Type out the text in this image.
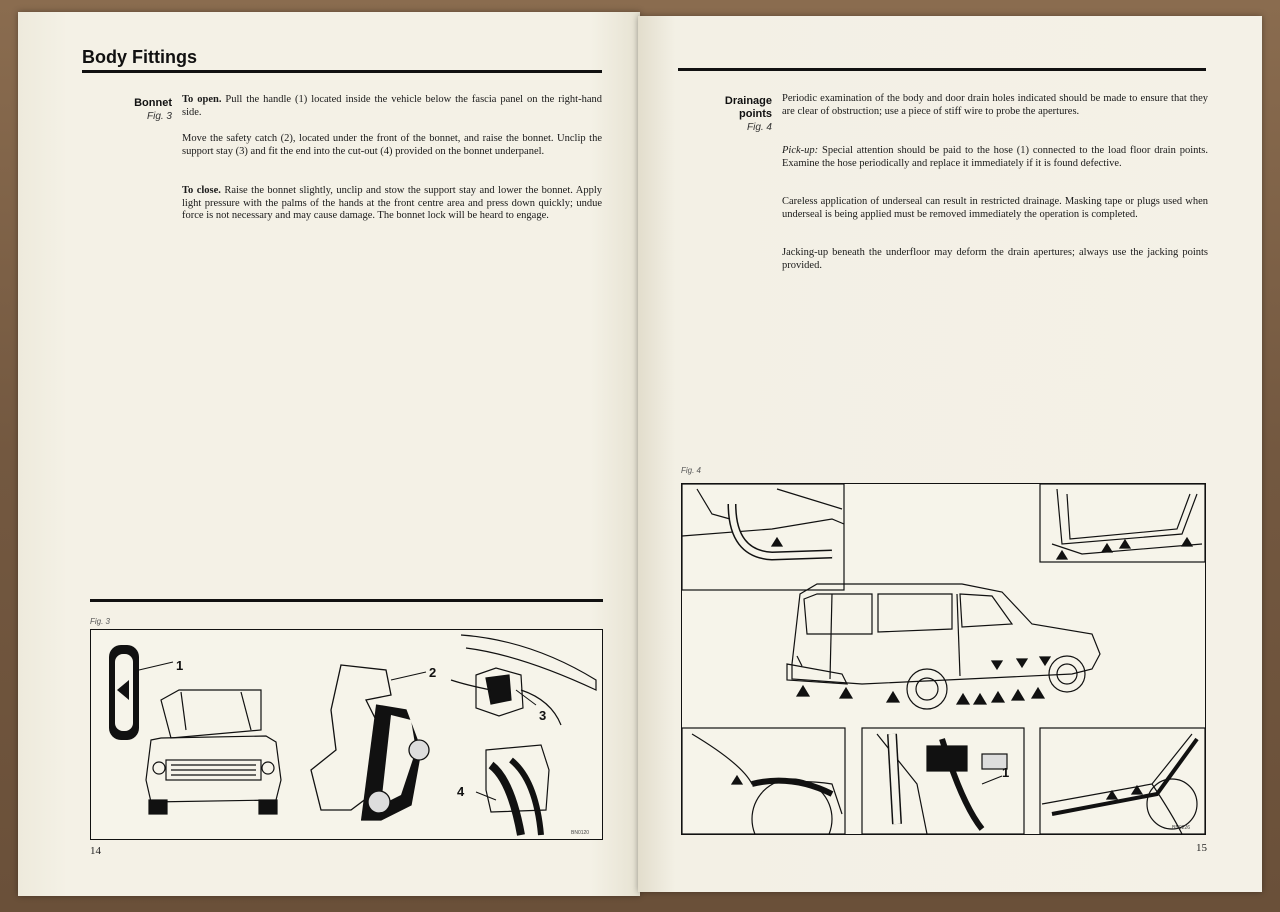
Body Fittings
Bonnet
Fig. 3

To open. Pull the handle (1) located inside the vehicle below the fascia panel on the right-hand side.

Move the safety catch (2), located under the front of the bonnet, and raise the bonnet. Unclip the support stay (3) and fit the end into the cut-out (4) provided on the bonnet underpanel.

To close. Raise the bonnet slightly, unclip and stow the support stay and lower the bonnet. Apply light pressure with the palms of the hands at the front centre area and press down quickly; undue force is not necessary and may cause damage. The bonnet lock will be heard to engage.

Fig. 3
1	2
3
4
BN0120
14
Drainage
points
Fig. 4

Periodic examination of the body and door drain holes indicated should be made to ensure that they are clear of obstruction; use a piece of stiff wire to probe the apertures.

Pick-up: Special attention should be paid to the hose (1) connected to the load floor drain points. Examine the hose periodically and replace it immediately if it is found defective.

Careless application of underseal can result in restricted drainage. Masking tape or plugs used when underseal is being applied must be removed immediately the operation is completed.

Jacking-up beneath the underfloor may deform the drain apertures; always use the jacking points provided.

Fig. 4
1
BN0226
15
